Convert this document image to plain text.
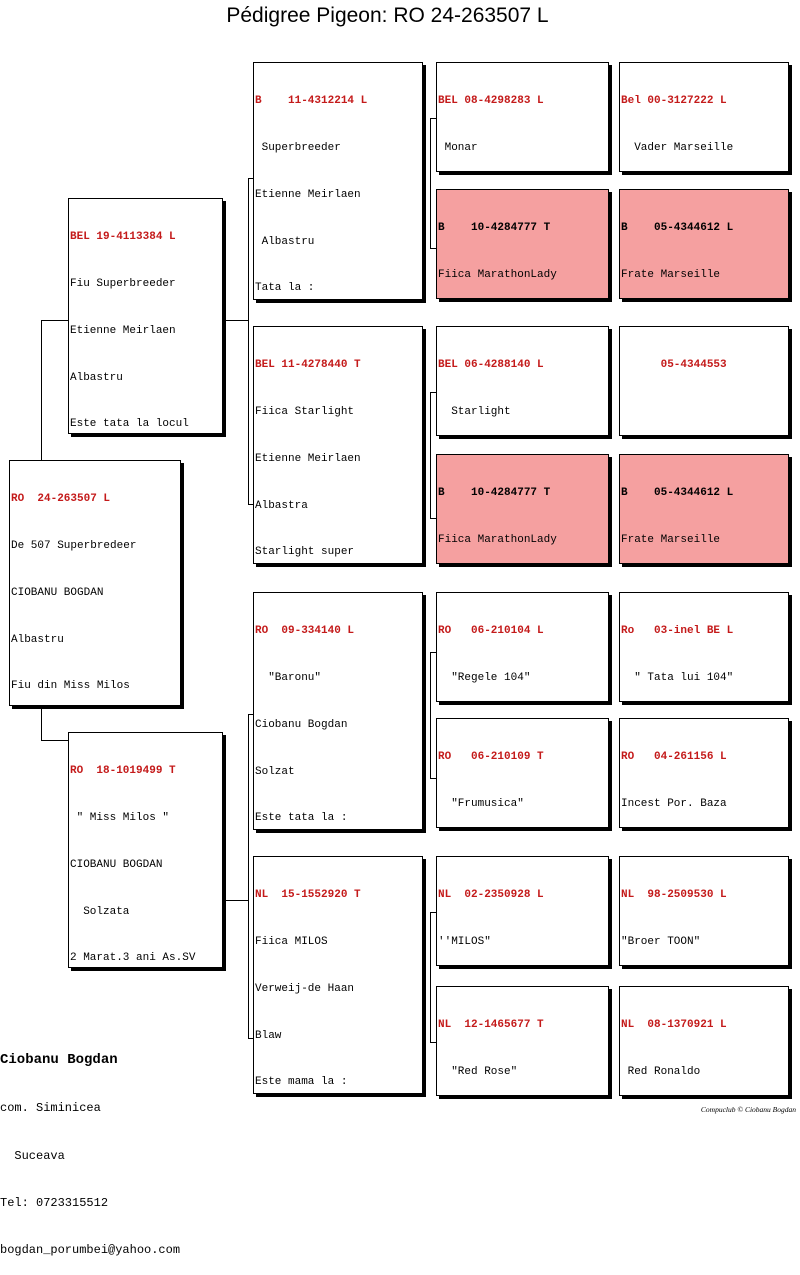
Pédigree Pigeon: RO 24-263507 L

RO  24-263507 L

De 507 Superbredeer

CIOBANU BOGDAN

Albastru

Fiu din Miss Milos

BEL 19-4113384 L

Fiu Superbreeder

Etienne Meirlaen

Albastru

Este tata la locul

RO  18-1019499 T

" Miss Milos "

CIOBANU BOGDAN

Solzata

2 Marat.3 ani As.SV

B    11-4312214 L

Superbreeder

Etienne Meirlaen

Albastru

Tata la :

BEL 11-4278440 T

Fiica Starlight

Etienne Meirlaen

Albastra

Starlight super

RO  09-334140 L

"Baronu"

Ciobanu Bogdan

Solzat

Este tata la :

NL  15-1552920 T

Fiica MILOS

Verweij-de Haan

Blaw

Este mama la :

BEL 08-4298283 L

Monar

B    10-4284777 T

Fiica MarathonLady

BEL 06-4288140 L

Starlight

B    10-4284777 T

Fiica MarathonLady

RO   06-210104 L

"Regele 104"

RO   06-210109 T

"Frumusica"

NL  02-2350928 L

''MILOS"

NL  12-1465677 T

"Red Rose"

Bel 00-3127222 L

Vader Marseille

B    05-4344612 L

Frate Marseille

05-4344553

B    05-4344612 L

Frate Marseille

Ro   03-inel BE L

" Tata lui 104"

RO   04-261156 L

Incest Por. Baza

NL  98-2509530 L

"Broer TOON"

NL  08-1370921 L

Red Ronaldo

Ciobanu Bogdan

com. Siminicea

Suceava

Tel: 0723315512

bogdan_porumbei@yahoo.com

Compuclub © Ciobanu Bogdan
